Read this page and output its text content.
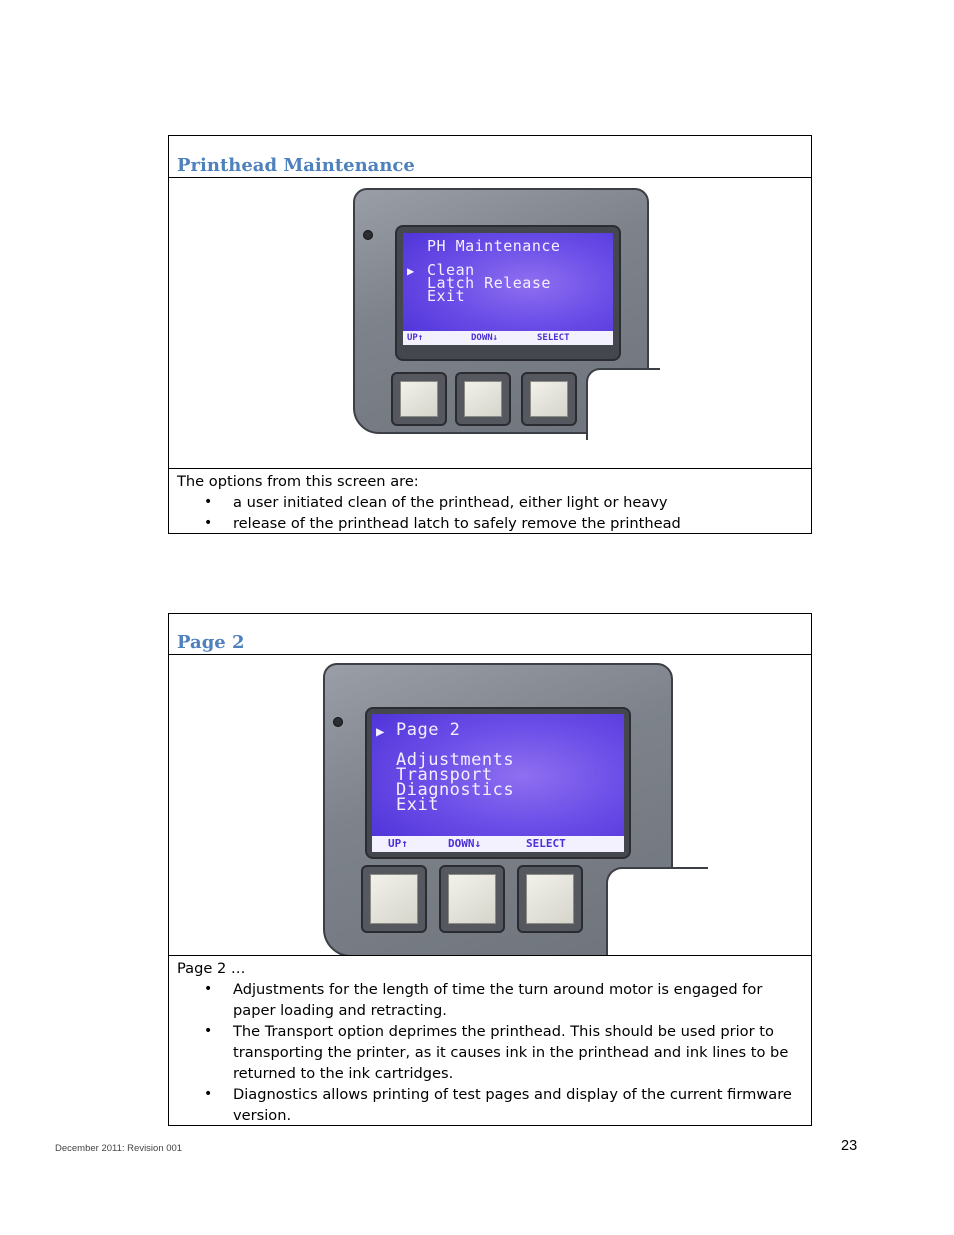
Printhead Maintenance
PH Maintenance
▶ Clean
Latch Release
Exit
UP↑	DOWN↓	SELECT
The options from this screen are:
• a user initiated clean of the printhead, either light or heavy
• release of the printhead latch to safely remove the printhead
Page 2
▶ Page 2
Adjustments
Transport
Diagnostics
Exit
UP↑	DOWN↓	SELECT
Page 2 …
• Adjustments for the length of time the turn around motor is engaged for paper loading and retracting.
• The Transport option deprimes the printhead. This should be used prior to transporting the printer, as it causes ink in the printhead and ink lines to be returned to the ink cartridges.
• Diagnostics allows printing of test pages and display of the current firmware version.
December 2011: Revision 001	23
